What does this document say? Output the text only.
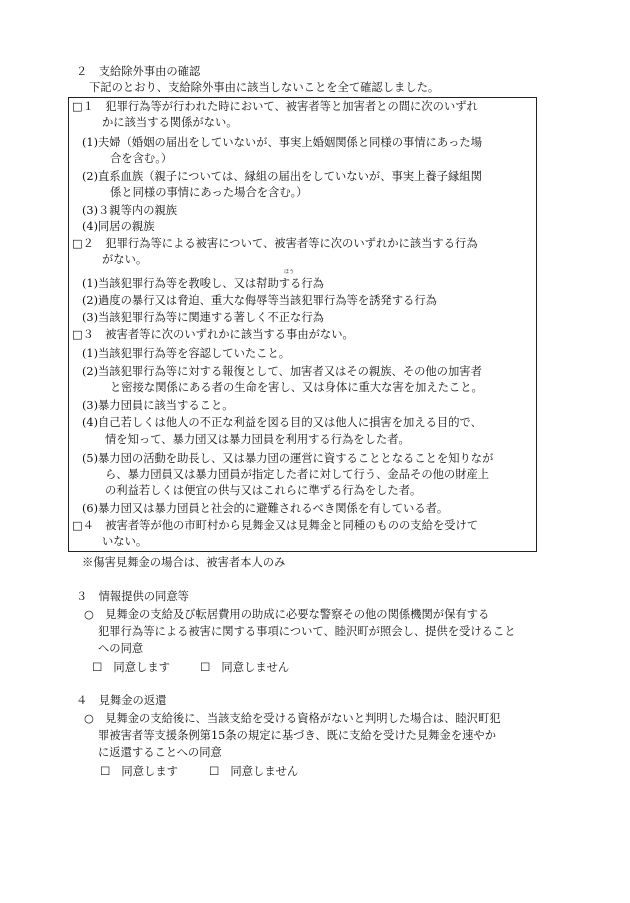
２　支給除外事由の確認
下記のとおり、支給除外事由に該当しないことを全て確認しました。
□１　犯罪行為等が行われた時において、被害者等と加害者との間に次のいずれ
かに該当する関係がない。
(1)夫婦（婚姻の届出をしていないが、事実上婚姻関係と同様の事情にあった場
合を含む。）
(2)直系血族（親子については、縁組の届出をしていないが、事実上養子縁組関
係と同様の事情にあった場合を含む。）
(3)３親等内の親族
(4)同居の親族
□２　犯罪行為等による被害について、被害者等に次のいずれかに該当する行為
がない。
ほう
(1)当該犯罪行為等を教唆し、又は幇助する行為
(2)過度の暴行又は脅迫、重大な侮辱等当該犯罪行為等を誘発する行為
(3)当該犯罪行為等に関連する著しく不正な行為
□３　被害者等に次のいずれかに該当する事由がない。
(1)当該犯罪行為等を容認していたこと。
(2)当該犯罪行為等に対する報復として、加害者又はその親族、その他の加害者
と密接な関係にある者の生命を害し、又は身体に重大な害を加えたこと。
(3)暴力団員に該当すること。
(4)自己若しくは他人の不正な利益を図る目的又は他人に損害を加える目的で、
情を知って、暴力団又は暴力団員を利用する行為をした者。
(5)暴力団の活動を助長し、又は暴力団の運営に資することとなることを知りなが
ら、暴力団員又は暴力団員が指定した者に対して行う、金品その他の財産上
の利益若しくは便宜の供与又はこれらに準ずる行為をした者。
(6)暴力団又は暴力団員と社会的に避難されるべき関係を有している者。
□４　被害者等が他の市町村から見舞金又は見舞金と同種のものの支給を受けて
いない。
※傷害見舞金の場合は、被害者本人のみ
３　情報提供の同意等
○　見舞金の支給及び転居費用の助成に必要な警察その他の関係機関が保有する
犯罪行為等による被害に関する事項について、睦沢町が照会し、提供を受けること
への同意
☐　同意します	☐　同意しません
４　見舞金の返還
○　見舞金の支給後に、当該支給を受ける資格がないと判明した場合は、睦沢町犯
罪被害者等支援条例第15条の規定に基づき、既に支給を受けた見舞金を速やか
に返還することへの同意
☐　同意します	☐　同意しません
